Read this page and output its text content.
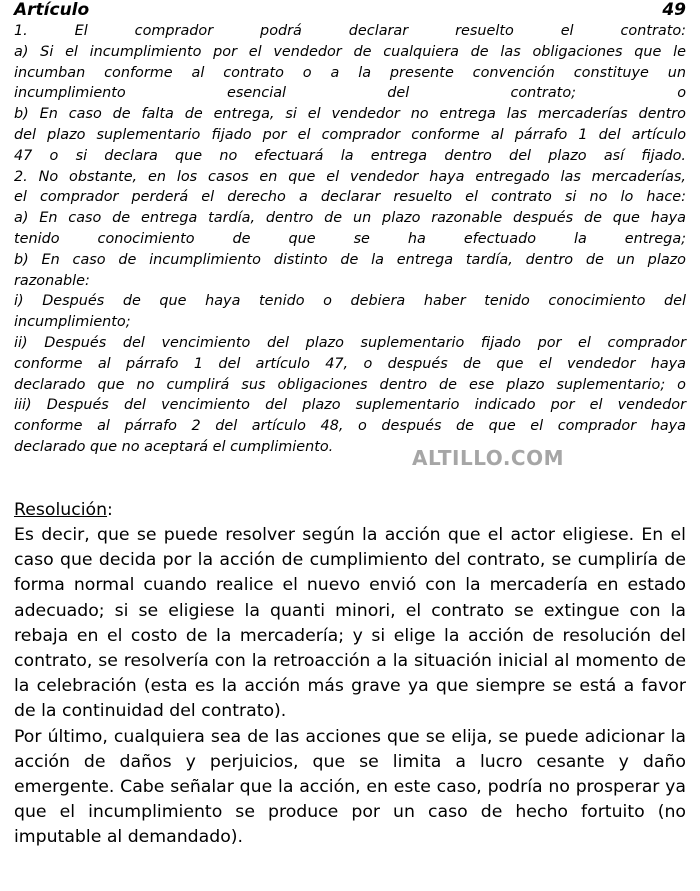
Artículo	49

1. El comprador podrá declarar resuelto el contrato:

a) Si el incumplimiento por el vendedor de cualquiera de las obligaciones que le

incumban conforme al contrato o a la presente convención constituye un

incumplimiento esencial del contrato; o

b) En caso de falta de entrega, si el vendedor no entrega las mercaderías dentro

del plazo suplementario fijado por el comprador conforme al párrafo 1 del artículo

47 o si declara que no efectuará la entrega dentro del plazo así fijado.

2. No obstante, en los casos en que el vendedor haya entregado las mercaderías,

el comprador perderá el derecho a declarar resuelto el contrato si no lo hace:

a) En caso de entrega tardía, dentro de un plazo razonable después de que haya

tenido conocimiento de que se ha efectuado la entrega;

b) En caso de incumplimiento distinto de la entrega tardía, dentro de un plazo

razonable:

i) Después de que haya tenido o debiera haber tenido conocimiento del

incumplimiento;

ii) Después del vencimiento del plazo suplementario fijado por el comprador

conforme al párrafo 1 del artículo 47, o después de que el vendedor haya

declarado que no cumplirá sus obligaciones dentro de ese plazo suplementario; o

iii) Después del vencimiento del plazo suplementario indicado por el vendedor

conforme al párrafo 2 del artículo 48, o después de que el comprador haya

declarado que no aceptará el cumplimiento.	ALTILLO.COM
Resolución:

Es decir, que se puede resolver según la acción que el actor eligiese. En el caso que decida por la acción de cumplimiento del contrato, se cumpliría de forma normal cuando realice el nuevo envió con la mercadería en estado adecuado; si se eligiese la quanti minori, el contrato se extingue con la rebaja en el costo de la mercadería; y si elige la acción de resolución del contrato, se resolvería con la retroacción a la situación inicial al momento de la celebración (esta es la acción más grave ya que siempre se está a favor de la continuidad del contrato).

Por último, cualquiera sea de las acciones que se elija, se puede adicionar la acción de daños y perjuicios, que se limita a lucro cesante y daño emergente. Cabe señalar que la acción, en este caso, podría no prosperar ya que el incumplimiento se produce por un caso de hecho fortuito (no imputable al demandado).
